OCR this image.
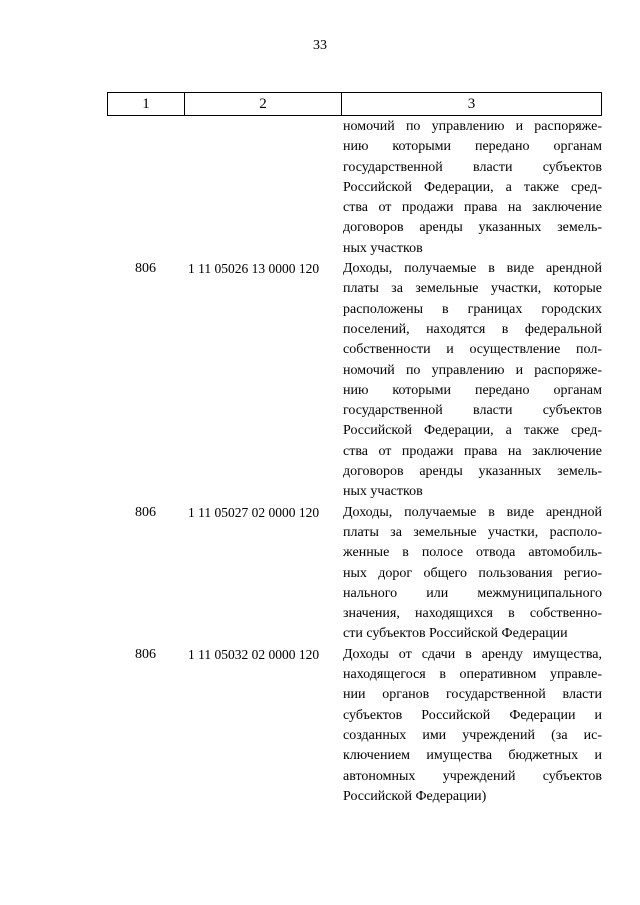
33
1	2	3
номочий по управлению и распоряже-
нию которыми передано органам
государственной власти субъектов
Российской Федерации, а также сред-
ства от продажи права на заключение
договоров аренды указанных земель-
ных участков
806	1 11 05026 13 0000 120	Доходы, получаемые в виде арендной
платы за земельные участки, которые
расположены в границах городских
поселений, находятся в федеральной
собственности и осуществление пол-
номочий по управлению и распоряже-
нию которыми передано органам
государственной власти субъектов
Российской Федерации, а также сред-
ства от продажи права на заключение
договоров аренды указанных земель-
ных участков
806	1 11 05027 02 0000 120	Доходы, получаемые в виде арендной
платы за земельные участки, располо-
женные в полосе отвода автомобиль-
ных дорог общего пользования регио-
нального или межмуниципального
значения, находящихся в собственно-
сти субъектов Российской Федерации
806	1 11 05032 02 0000 120	Доходы от сдачи в аренду имущества,
находящегося в оперативном управле-
нии органов государственной власти
субъектов Российской Федерации и
созданных ими учреждений (за ис-
ключением имущества бюджетных и
автономных учреждений субъектов
Российской Федерации)
